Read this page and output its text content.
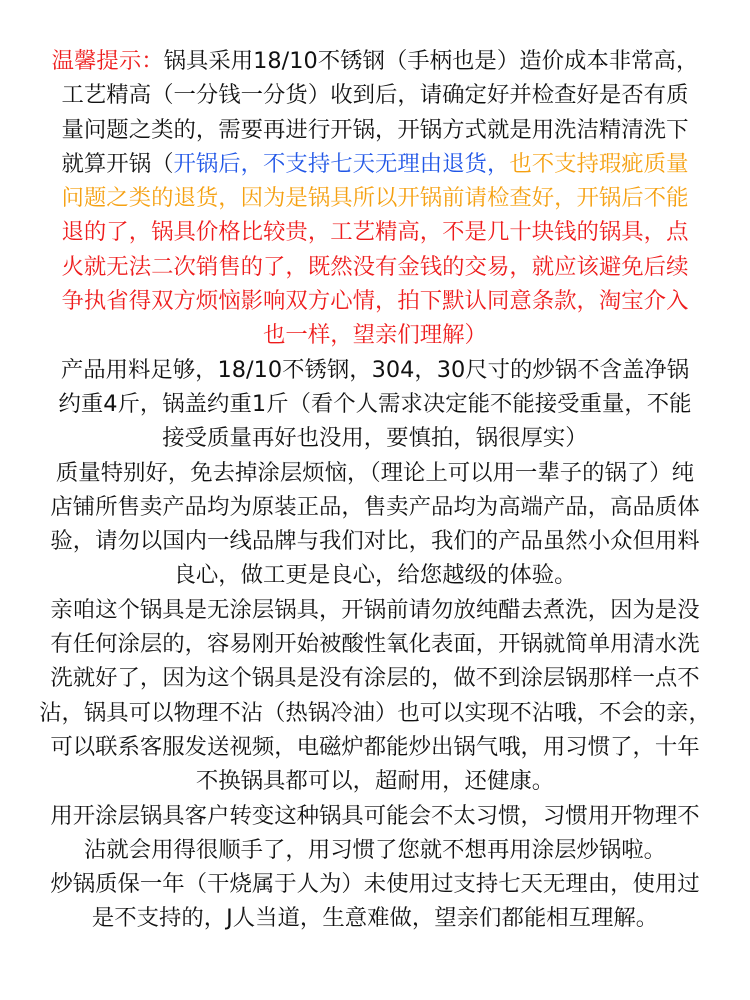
温馨提示：锅具采用18/10不锈钢（手柄也是）造价成本非常高，
工艺精高（一分钱一分货）收到后，请确定好并检查好是否有质
量问题之类的，需要再进行开锅，开锅方式就是用洗洁精清洗下
就算开锅（开锅后，不支持七天无理由退货，也不支持瑕疵质量
问题之类的退货，因为是锅具所以开锅前请检查好，开锅后不能
退的了，锅具价格比较贵，工艺精高，不是几十块钱的锅具，点
火就无法二次销售的了，既然没有金钱的交易，就应该避免后续
争执省得双方烦恼影响双方心情，拍下默认同意条款，淘宝介入
也一样，望亲们理解）
产品用料足够，18/10不锈钢，304，30尺寸的炒锅不含盖净锅
约重4斤，锅盖约重1斤（看个人需求决定能不能接受重量，不能
接受质量再好也没用，要慎拍，锅很厚实）
质量特别好，免去掉涂层烦恼，（理论上可以用一辈子的锅了）纯
店铺所售卖产品均为原装正品，售卖产品均为高端产品，高品质体
验，请勿以国内一线品牌与我们对比，我们的产品虽然小众但用料
良心，做工更是良心，给您越级的体验。
亲咱这个锅具是无涂层锅具，开锅前请勿放纯醋去煮洗，因为是没
有任何涂层的，容易刚开始被酸性氧化表面，开锅就简单用清水洗
洗就好了，因为这个锅具是没有涂层的，做不到涂层锅那样一点不
沾，锅具可以物理不沾（热锅冷油）也可以实现不沾哦，不会的亲，
可以联系客服发送视频，电磁炉都能炒出锅气哦，用习惯了，十年
不换锅具都可以，超耐用，还健康。
用开涂层锅具客户转变这种锅具可能会不太习惯，习惯用开物理不
沾就会用得很顺手了，用习惯了您就不想再用涂层炒锅啦。
炒锅质保一年（干烧属于人为）未使用过支持七天无理由，使用过
是不支持的，J人当道，生意难做，望亲们都能相互理解。
